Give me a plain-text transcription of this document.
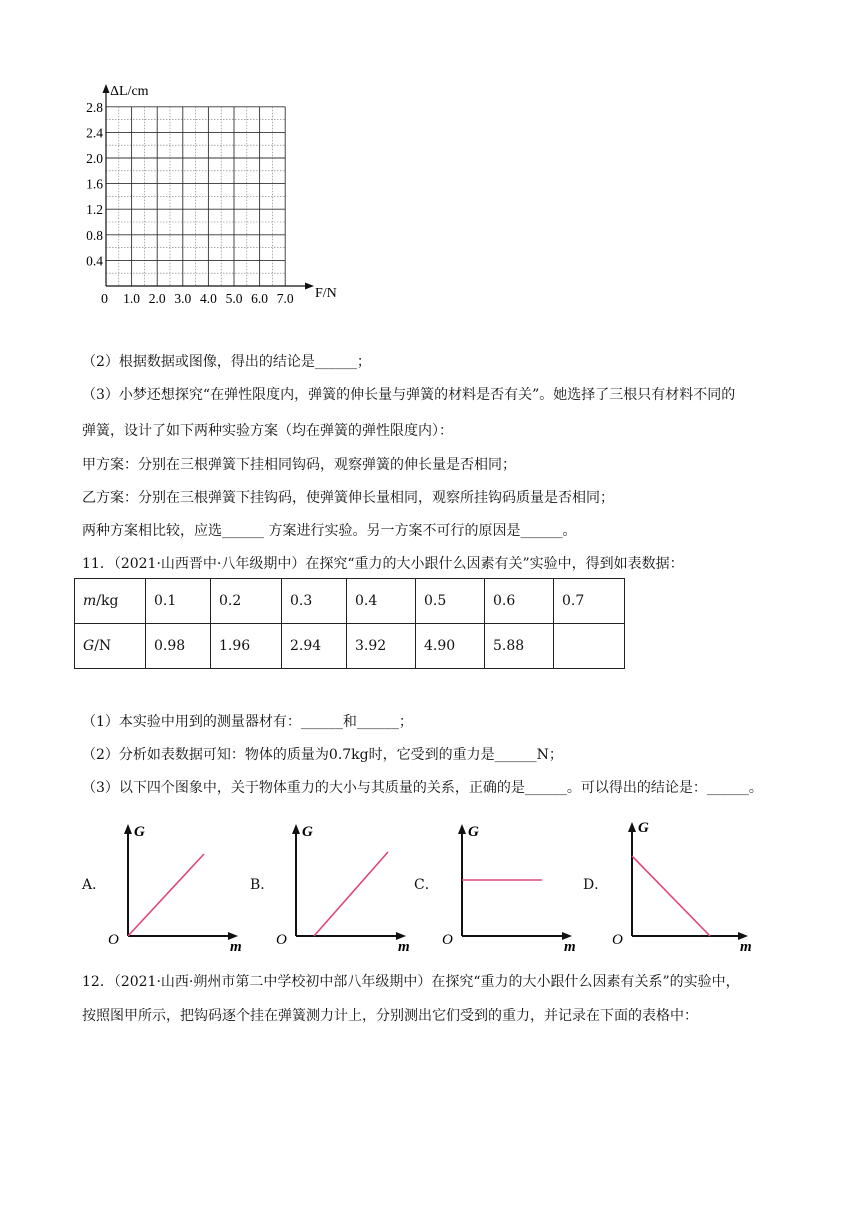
0.4
0.8
1.2
1.6
2.0
2.4
2.8
1.0 2.0 3.0 4.0 5.0 6.0 7.0
ΔL/cm
F/N
0
（2）根据数据或图像，得出的结论是______；
（3）小梦还想探究“在弹性限度内，弹簧的伸长量与弹簧的材料是否有关”。她选择了三根只有材料不同的
弹簧，设计了如下两种实验方案（均在弹簧的弹性限度内）：
甲方案：分别在三根弹簧下挂相同钩码，观察弹簧的伸长量是否相同；
乙方案：分别在三根弹簧下挂钩码，使弹簧伸长量相同，观察所挂钩码质量是否相同；
两种方案相比较，应选______ 方案进行实验。另一方案不可行的原因是______。
11．（2021·山西晋中·八年级期中）在探究“重力的大小跟什么因素有关”实验中，得到如表数据：
m/kg	0.1	0.2	0.3	0.4	0.5	0.6	0.7
G/N	0.98	1.96	2.94	3.92	4.90	5.88	
（1）本实验中用到的测量器材有：______和______；
（2）分析如表数据可知：物体的质量为0.7kg时，它受到的重力是______N；
（3）以下四个图象中，关于物体重力的大小与其质量的关系，正确的是______。可以得出的结论是：______。
A．
G
O	m
B．
G
O	m
C．
G
O	m
D．
G
O	m
12．（2021·山西·朔州市第二中学校初中部八年级期中）在探究“重力的大小跟什么因素有关系”的实验中，
按照图甲所示，把钩码逐个挂在弹簧测力计上，分别测出它们受到的重力，并记录在下面的表格中：
